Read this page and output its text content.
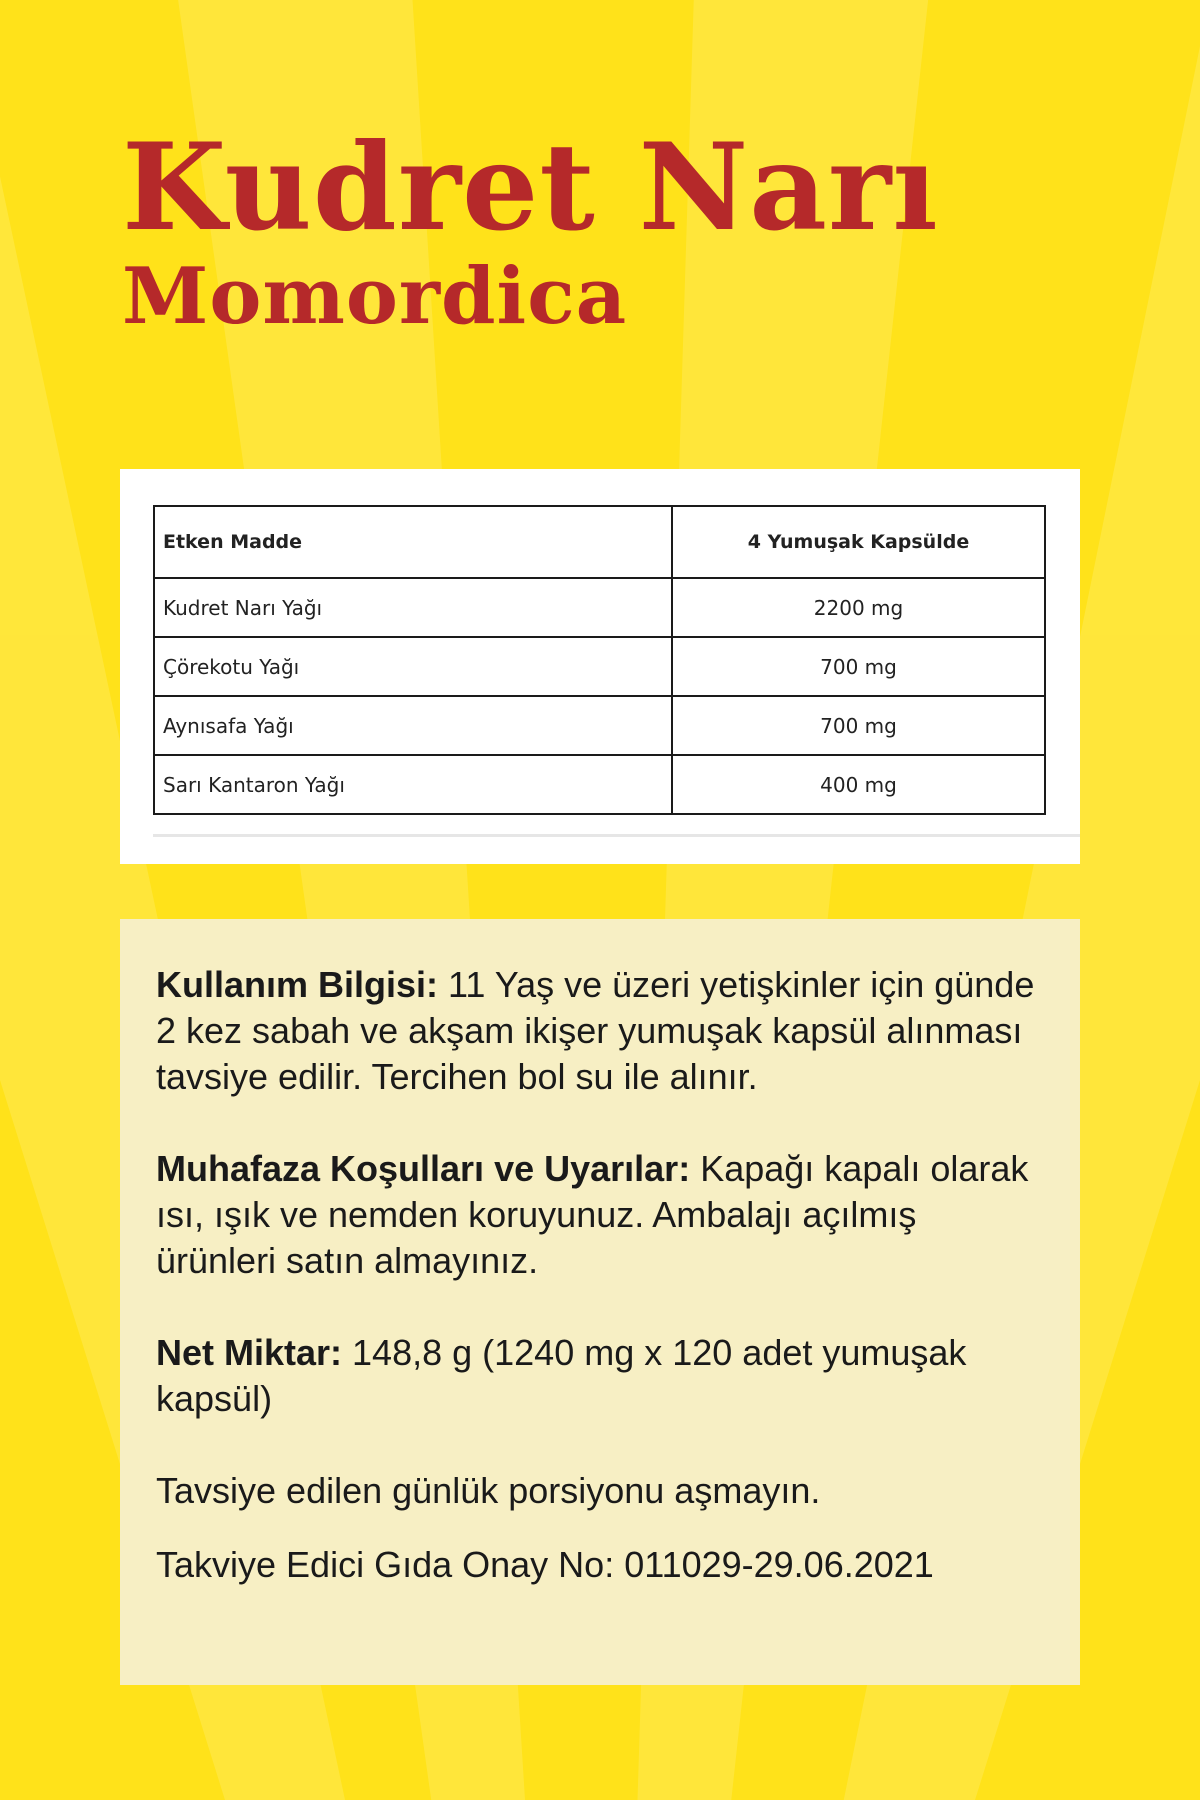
Kudret Narı
Momordica
Etken Madde	4 Yumuşak Kapsülde
Kudret Narı Yağı	2200 mg
Çörekotu Yağı	700 mg
Aynısafa Yağı	700 mg
Sarı Kantaron Yağı	400 mg

Kullanım Bilgisi: 11 Yaş ve üzeri yetişkinler için günde 2 kez sabah ve akşam ikişer yumuşak kapsül alınması tavsiye edilir. Tercihen bol su ile alınır.

Muhafaza Koşulları ve Uyarılar: Kapağı kapalı olarak ısı, ışık ve nemden koruyunuz. Ambalajı açılmış ürünleri satın almayınız.

Net Miktar: 148,8 g (1240 mg x 120 adet yumuşak kapsül)

Tavsiye edilen günlük porsiyonu aşmayın.

Takviye Edici Gıda Onay No: 011029-29.06.2021
